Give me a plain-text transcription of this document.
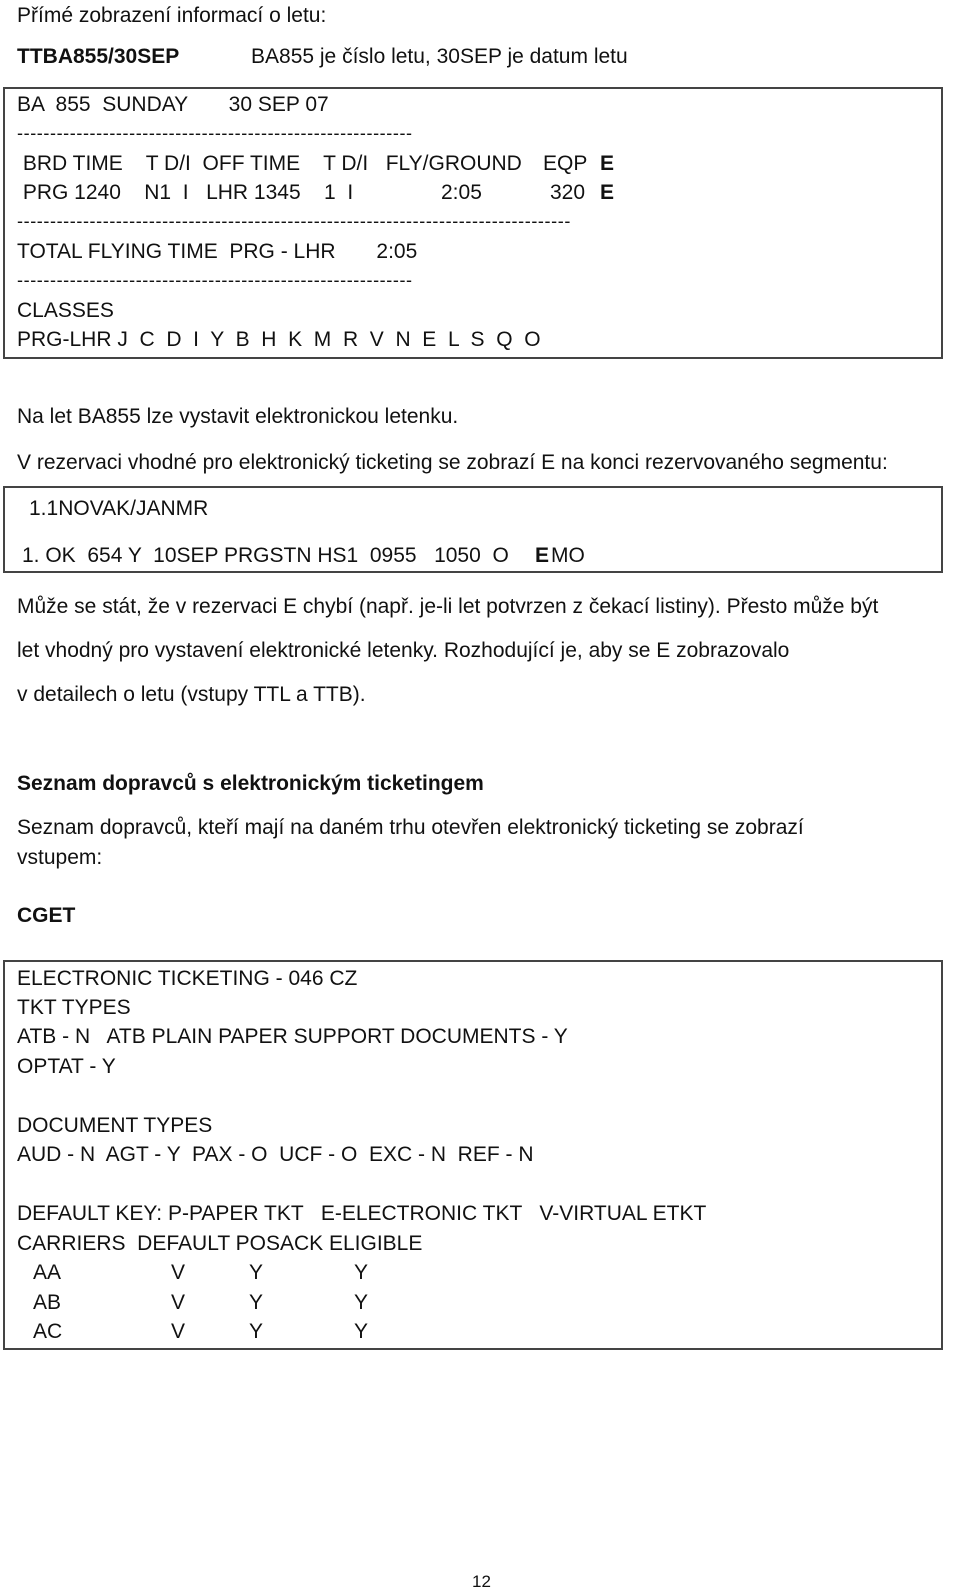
Přímé zobrazení informací o letu:
TTBA855/30SEP	BA855 je číslo letu, 30SEP je datum letu
BA  855  SUNDAY       30 SEP 07
------------------------------------------------------------
BRD TIME    T D/I  OFF TIME    T D/I   FLY/GROUND EQP E
PRG 1240    N1  I   LHR 1345    1  I	2:05	320 E
------------------------------------------------------------------------------------
TOTAL FLYING TIME  PRG - LHR       2:05
------------------------------------------------------------
CLASSES
PRG-LHR J  C  D  I  Y  B  H  K  M  R  V  N  E  L  S  Q  O
Na let BA855 lze vystavit elektronickou letenku.
V rezervaci vhodné pro elektronický ticketing se zobrazí E na konci rezervovaného segmentu:
1.1NOVAK/JANMR
1. OK  654 Y  10SEP PRGSTN HS1  0955   1050  O E MO
Může se stát, že v rezervaci E chybí (např. je-li let potvrzen z čekací listiny). Přesto může být
let vhodný pro vystavení elektronické letenky. Rozhodující je, aby se E zobrazovalo
v detailech o letu (vstupy TTL a TTB).
Seznam dopravců s elektronickým ticketingem
Seznam dopravců, kteří mají na daném trhu otevřen elektronický ticketing se zobrazí
vstupem:
CGET
ELECTRONIC TICKETING - 046 CZ
TKT TYPES
ATB - N   ATB PLAIN PAPER SUPPORT DOCUMENTS - Y
OPTAT - Y
DOCUMENT TYPES
AUD - N  AGT - Y  PAX - O  UCF - O  EXC - N  REF - N
DEFAULT KEY: P-PAPER TKT   E-ELECTRONIC TKT   V-VIRTUAL ETKT
CARRIERS  DEFAULT POSACK ELIGIBLE
AA	V	Y	Y
AB	V	Y	Y
AC	V	Y	Y
12
